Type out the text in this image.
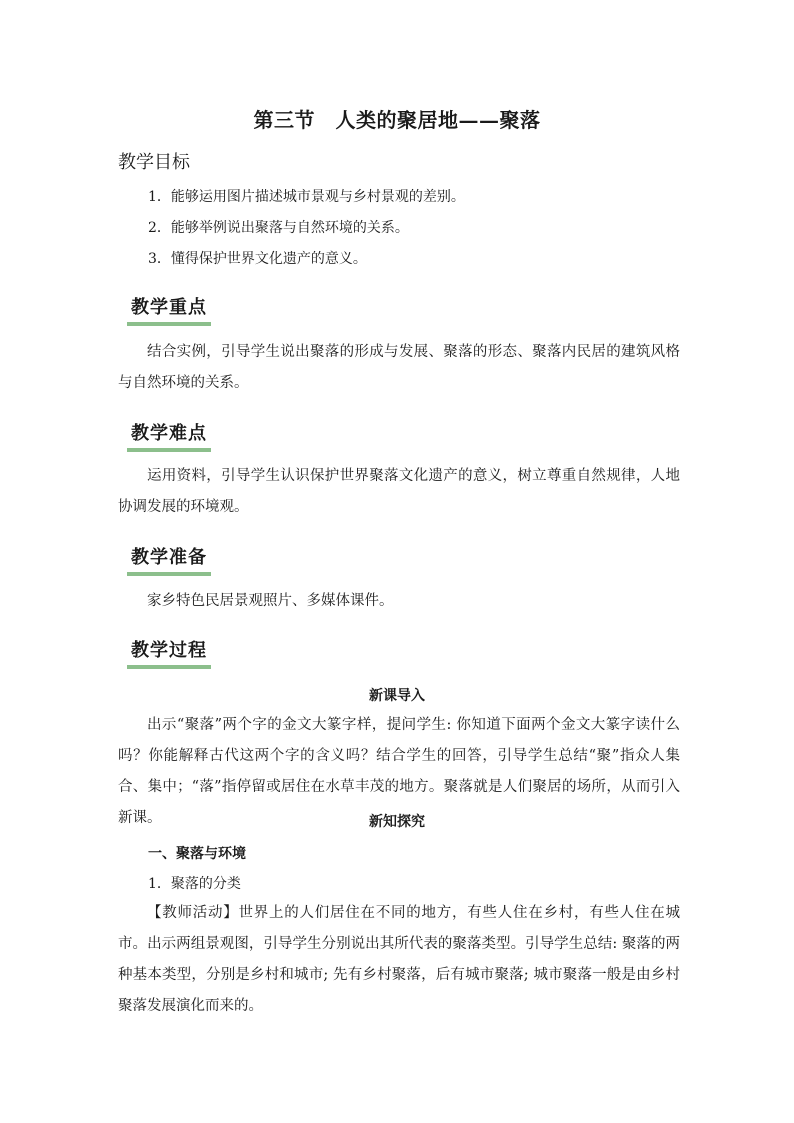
第三节　人类的聚居地——聚落
教学目标
1．能够运用图片描述城市景观与乡村景观的差别。
2．能够举例说出聚落与自然环境的关系。
3．懂得保护世界文化遗产的意义。
教学重点
结合实例，引导学生说出聚落的形成与发展、聚落的形态、聚落内民居的建筑风格与自然环境的关系。
教学难点
运用资料，引导学生认识保护世界聚落文化遗产的意义，树立尊重自然规律，人地协调发展的环境观。
教学准备
家乡特色民居景观照片、多媒体课件。
教学过程
新课导入
出示“聚落”两个字的金文大篆字样，提问学生: 你知道下面两个金文大篆字读什么吗？你能解释古代这两个字的含义吗？结合学生的回答，引导学生总结“聚”指众人集合、集中；“落”指停留或居住在水草丰茂的地方。聚落就是人们聚居的场所，从而引入新课。	新知探究
一、聚落与环境
1．聚落的分类
【教师活动】世界上的人们居住在不同的地方，有些人住在乡村，有些人住在城市。出示两组景观图，引导学生分别说出其所代表的聚落类型。引导学生总结: 聚落的两种基本类型，分别是乡村和城市; 先有乡村聚落，后有城市聚落; 城市聚落一般是由乡村聚落发展演化而来的。
